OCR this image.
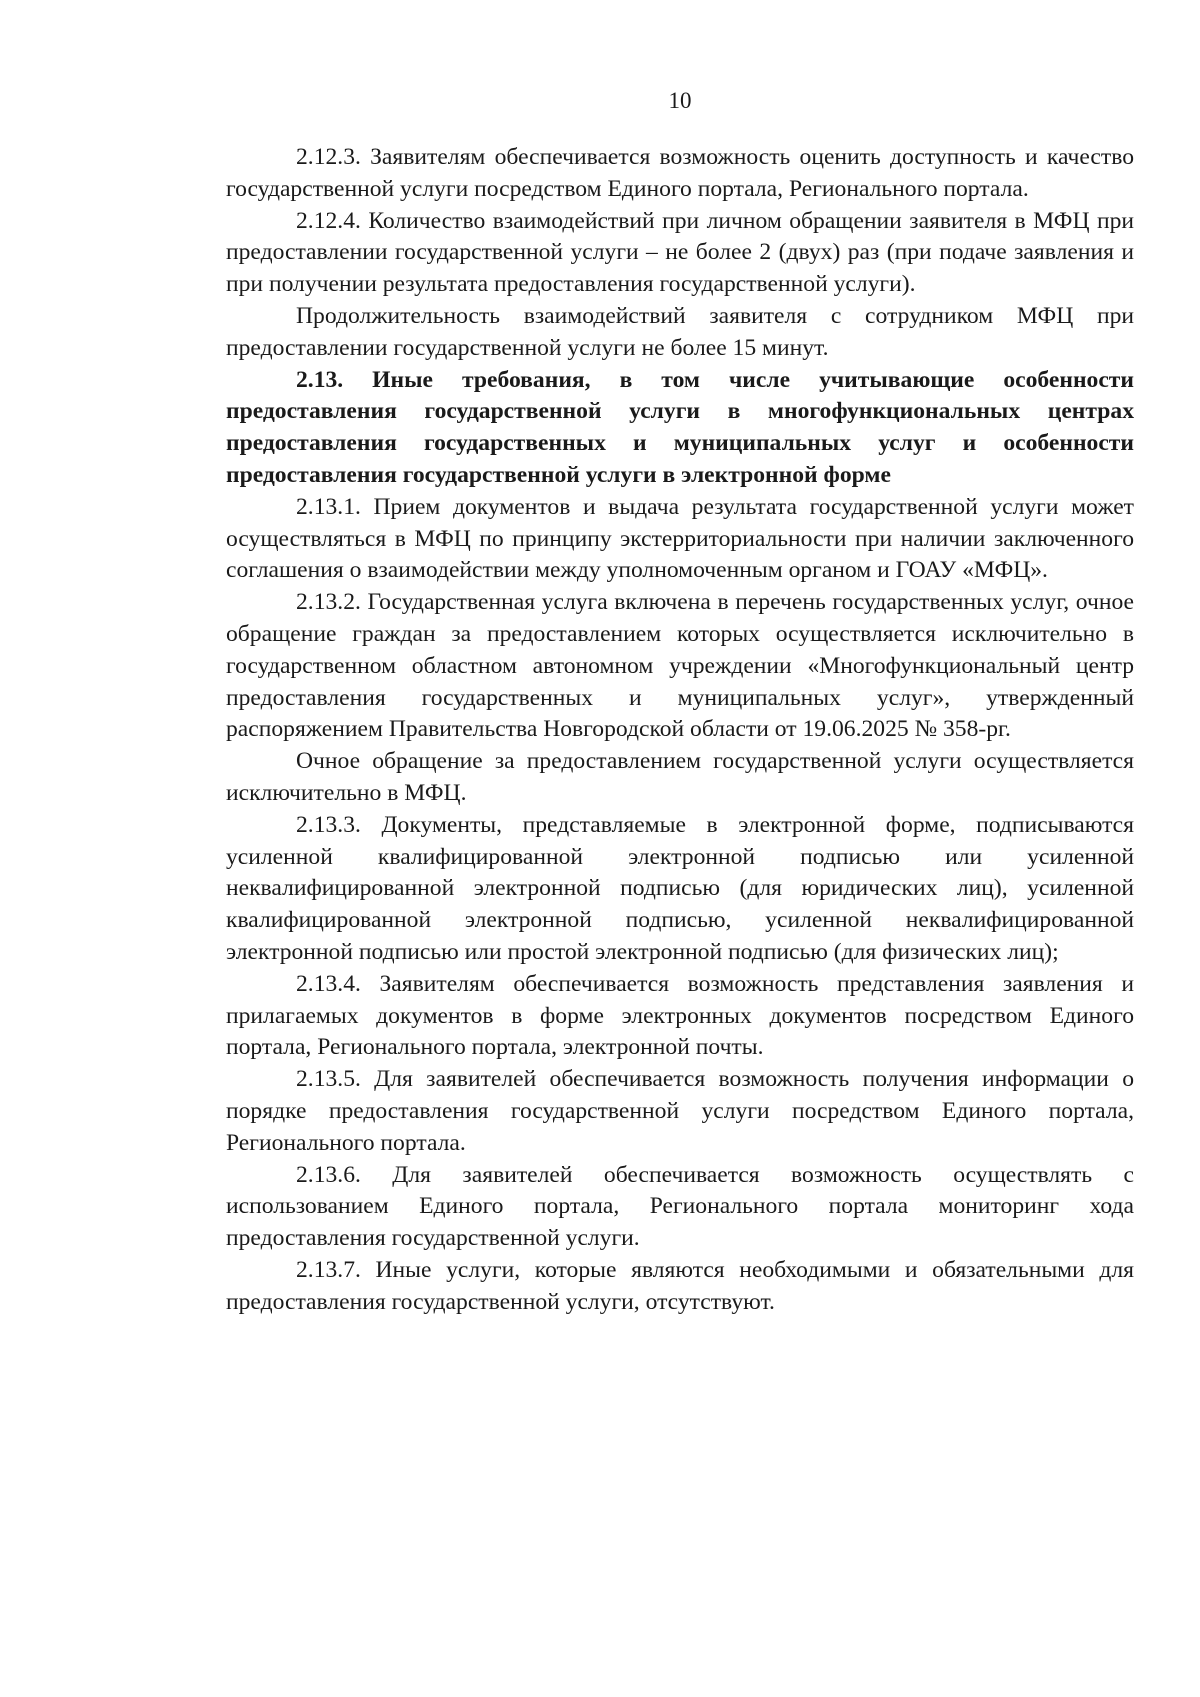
10

2.12.3. Заявителям обеспечивается возможность оценить доступность и качество государственной услуги посредством Единого портала, Регионального портала.

2.12.4. Количество взаимодействий при личном обращении заявителя в МФЦ при предоставлении государственной услуги – не более 2 (двух) раз (при подаче заявления и при получении результата предоставления государственной услуги).

Продолжительность взаимодействий заявителя с сотрудником МФЦ при предоставлении государственной услуги не более 15 минут.

2.13. Иные требования, в том числе учитывающие особенности предоставления государственной услуги в многофункциональных центрах предоставления государственных и муниципальных услуг и особенности предоставления государственной услуги в электронной форме

2.13.1. Прием документов и выдача результата государственной услуги может осуществляться в МФЦ по принципу экстерриториальности при наличии заключенного соглашения о взаимодействии между уполномоченным органом и ГОАУ «МФЦ».

2.13.2. Государственная услуга включена в перечень государственных услуг, очное обращение граждан за предоставлением которых осуществляется исключительно в государственном областном автономном учреждении «Многофункциональный центр предоставления государственных и муниципальных услуг», утвержденный распоряжением Правительства Новгородской области от 19.06.2025 № 358-рг.

Очное обращение за предоставлением государственной услуги осуществляется исключительно в МФЦ.

2.13.3. Документы, представляемые в электронной форме, подписываются усиленной квалифицированной электронной подписью или усиленной неквалифицированной электронной подписью (для юридических лиц), усиленной квалифицированной электронной подписью, усиленной неквалифицированной электронной подписью или простой электронной подписью (для физических лиц);

2.13.4. Заявителям обеспечивается возможность представления заявления и прилагаемых документов в форме электронных документов посредством Единого портала, Регионального портала, электронной почты.

2.13.5. Для заявителей обеспечивается возможность получения информации о порядке предоставления государственной услуги посредством Единого портала, Регионального портала.

2.13.6. Для заявителей обеспечивается возможность осуществлять с использованием Единого портала, Регионального портала мониторинг хода предоставления государственной услуги.

2.13.7. Иные услуги, которые являются необходимыми и обязательными для предоставления государственной услуги, отсутствуют.
